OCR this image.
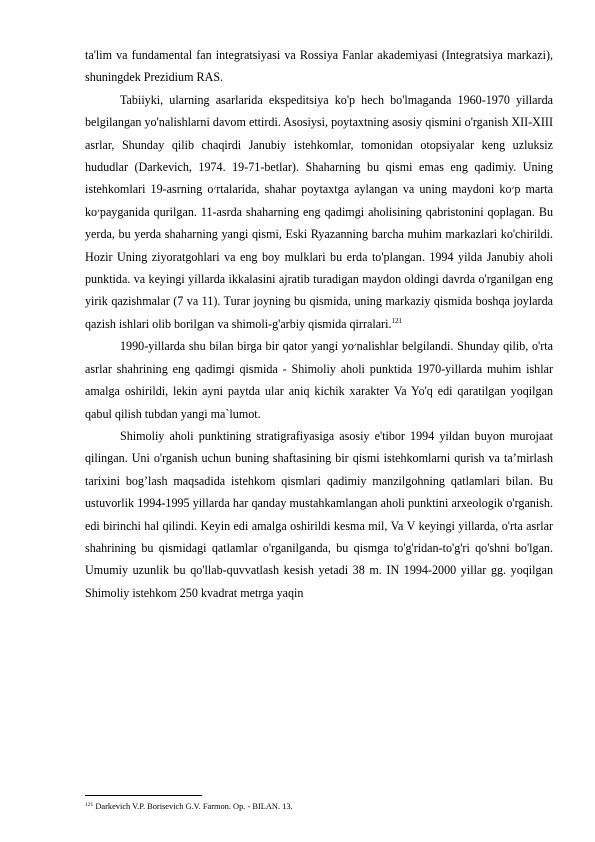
ta'lim va fundamental fan integratsiyasi va Rossiya Fanlar akademiyasi (Integratsiya markazi), shuningdek Prezidium RAS.

Tabiiyki, ularning asarlarida ekspeditsiya ko'p hech bo'lmaganda 1960-1970 yillarda belgilangan yo'nalishlarni davom ettirdi. Asosiysi, poytaxtning asosiy qismini o'rganish XII-XIII asrlar, Shunday qilib chaqirdi Janubiy istehkomlar, tomonidan otopsiyalar keng uzluksiz hududlar (Darkevich, 1974. 19-71-betlar). Shaharning bu qismi emas eng qadimiy. Uning istehkomlari 19-asrning o׳rtalarida, shahar poytaxtga aylangan va uning maydoni ko׳p marta ko׳payganida qurilgan. 11-asrda shaharning eng qadimgi aholisining qabristonini qoplagan. Bu yerda, bu yerda shaharning yangi qismi, Eski Ryazanning barcha muhim markazlari ko'chirildi. Hozir Uning ziyoratgohlari va eng boy mulklari bu erda to'plangan. 1994 yilda Janubiy aholi punktida. va keyingi yillarda ikkalasini ajratib turadigan maydon oldingi davrda o'rganilgan eng yirik qazishmalar (7 va 11). Turar joyning bu qismida, uning markaziy qismida boshqa joylarda qazish ishlari olib borilgan va shimoli-g'arbiy qismida qirralari.$^{121}$

1990-yillarda shu bilan birga bir qator yangi yo׳nalishlar belgilandi. Shunday qilib, o'rta asrlar shahrining eng qadimgi qismida - Shimoliy aholi punktida 1970-yillarda muhim ishlar amalga oshirildi, lekin ayni paytda ular aniq kichik xarakter Va Yo'q edi qaratilgan yoqilgan qabul qilish tubdan yangi ma`lumot.

Shimoliy aholi punktining stratigrafiyasiga asosiy e'tibor 1994 yildan buyon murojaat qilingan. Uni o'rganish uchun buning shaftasining bir qismi istehkomlarni qurish va ta’mirlash tarixini bog’lash maqsadida istehkom qismlari qadimiy manzilgohning qatlamlari bilan. Bu ustuvorlik 1994-1995 yillarda har qanday mustahkamlangan aholi punktini arxeologik o'rganish. edi birinchi hal qilindi. Keyin edi amalga oshirildi kesma mil, Va V keyingi yillarda, o'rta asrlar shahrining bu qismidagi qatlamlar o'rganilganda, bu qismga to'g'ridan-to'g'ri qo'shni bo'lgan. Umumiy uzunlik bu qo'llab-quvvatlash kesish yetadi 38 m. IN 1994-2000 yillar gg. yoqilgan Shimoliy istehkom 250 kvadrat metrga yaqin

$^{121}$ Darkevich V.P. Borisevich G.V. Farmon. Op. - BILAN. 13.
